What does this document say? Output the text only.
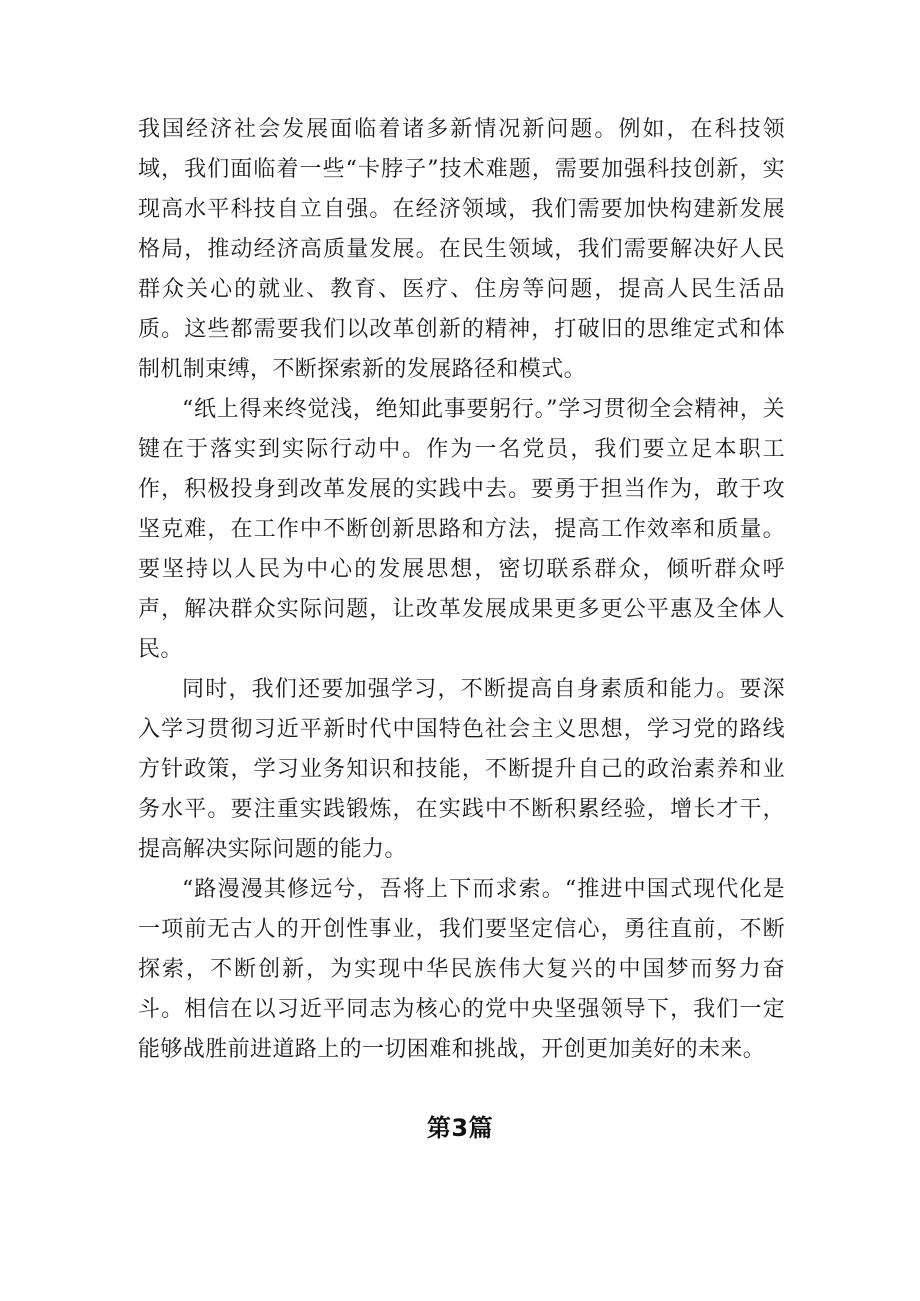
我国经济社会发展面临着诸多新情况新问题。例如，在科技领域，我们面临着一些“卡脖子”技术难题，需要加强科技创新，实现高水平科技自立自强。在经济领域，我们需要加快构建新发展格局，推动经济高质量发展。在民生领域，我们需要解决好人民群众关心的就业、教育、医疗、住房等问题，提高人民生活品质。这些都需要我们以改革创新的精神，打破旧的思维定式和体制机制束缚，不断探索新的发展路径和模式。

“纸上得来终觉浅，绝知此事要躬行。”学习贯彻全会精神，关键在于落实到实际行动中。作为一名党员，我们要立足本职工作，积极投身到改革发展的实践中去。要勇于担当作为，敢于攻坚克难，在工作中不断创新思路和方法，提高工作效率和质量。要坚持以人民为中心的发展思想，密切联系群众，倾听群众呼声，解决群众实际问题，让改革发展成果更多更公平惠及全体人民。

同时，我们还要加强学习，不断提高自身素质和能力。要深入学习贯彻习近平新时代中国特色社会主义思想，学习党的路线方针政策，学习业务知识和技能，不断提升自己的政治素养和业务水平。要注重实践锻炼，在实践中不断积累经验，增长才干，提高解决实际问题的能力。

“路漫漫其修远兮，吾将上下而求索。“推进中国式现代化是一项前无古人的开创性事业，我们要坚定信心，勇往直前，不断探索，不断创新，为实现中华民族伟大复兴的中国梦而努力奋斗。相信在以习近平同志为核心的党中央坚强领导下，我们一定能够战胜前进道路上的一切困难和挑战，开创更加美好的未来。

第3篇
